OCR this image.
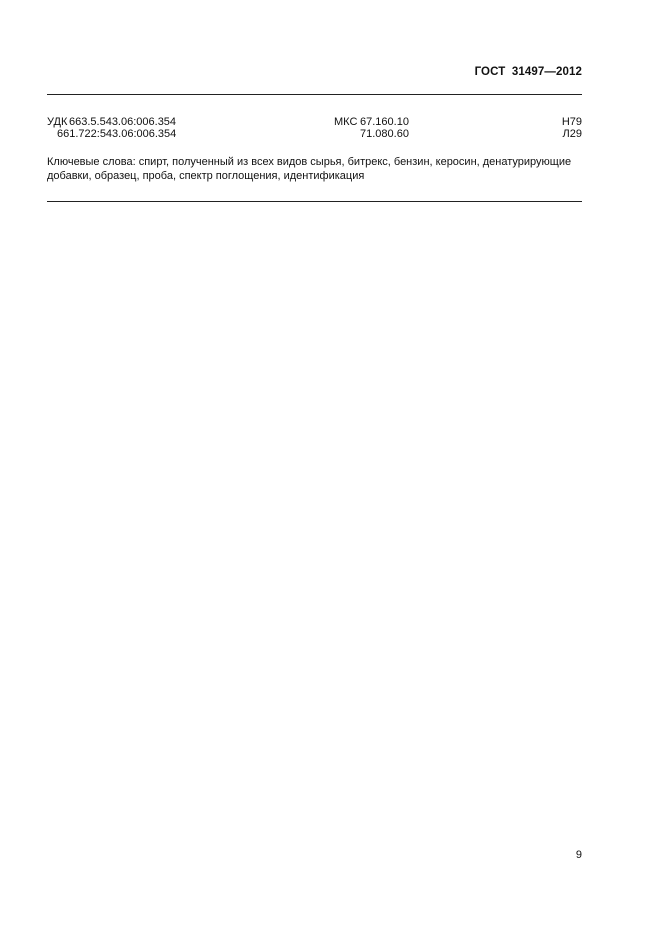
ГОСТ  31497—2012
УДК 663.5.543.06:006.354	МКС 67.160.10	Н79
661.722:543.06:006.354	71.080.60	Л29
Ключевые слова: спирт, полученный из всех видов сырья, битрекс, бензин, керосин, денатурирующие добавки, образец, проба, спектр поглощения, идентификация
9
